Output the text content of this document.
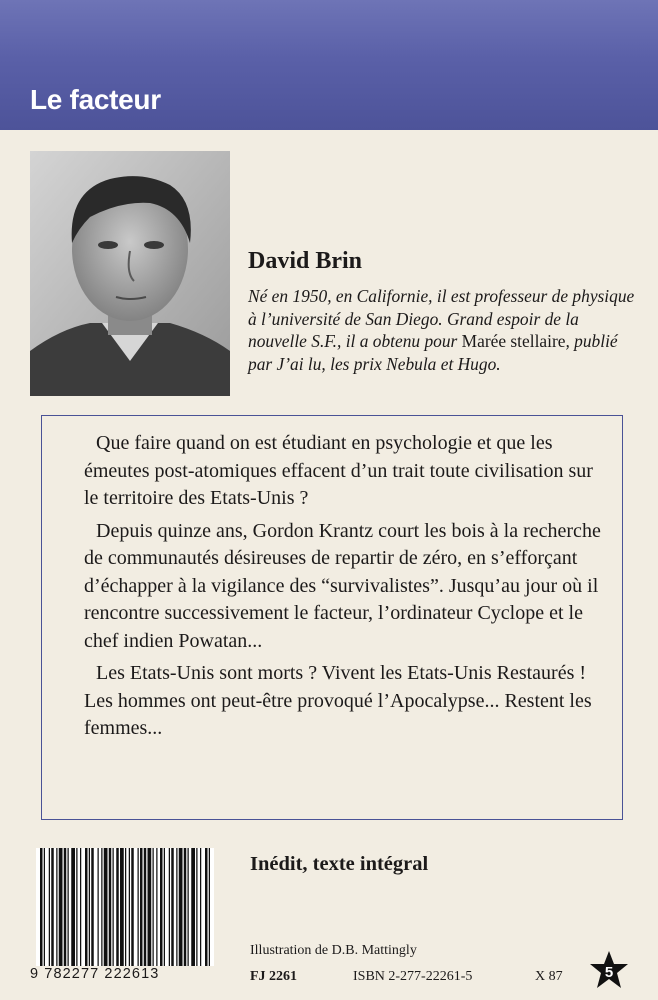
Le facteur
David Brin
Né en 1950, en Californie, il est professeur de physique à l’université de San Diego. Grand espoir de la nouvelle S.F., il a obtenu pour Marée stellaire, publié par J’ai lu, les prix Nebula et Hugo.

Que faire quand on est étudiant en psychologie et que les émeutes post-atomiques effacent d’un trait toute civilisation sur le territoire des Etats-Unis ?

Depuis quinze ans, Gordon Krantz court les bois à la recherche de communautés désireuses de repartir de zéro, en s’efforçant d’échapper à la vigilance des “survivalistes”. Jusqu’au jour où il rencontre successivement le facteur, l’ordinateur Cyclope et le chef indien Powatan...

Les Etats-Unis sont morts ? Vivent les Etats-Unis Restaurés ! Les hommes ont peut-être provoqué l’Apocalypse... Restent les femmes...

9 782277 222613
Inédit, texte intégral
Illustration de D.B. Mattingly
FJ 2261	ISBN 2-277-22261-5	X 87	5
